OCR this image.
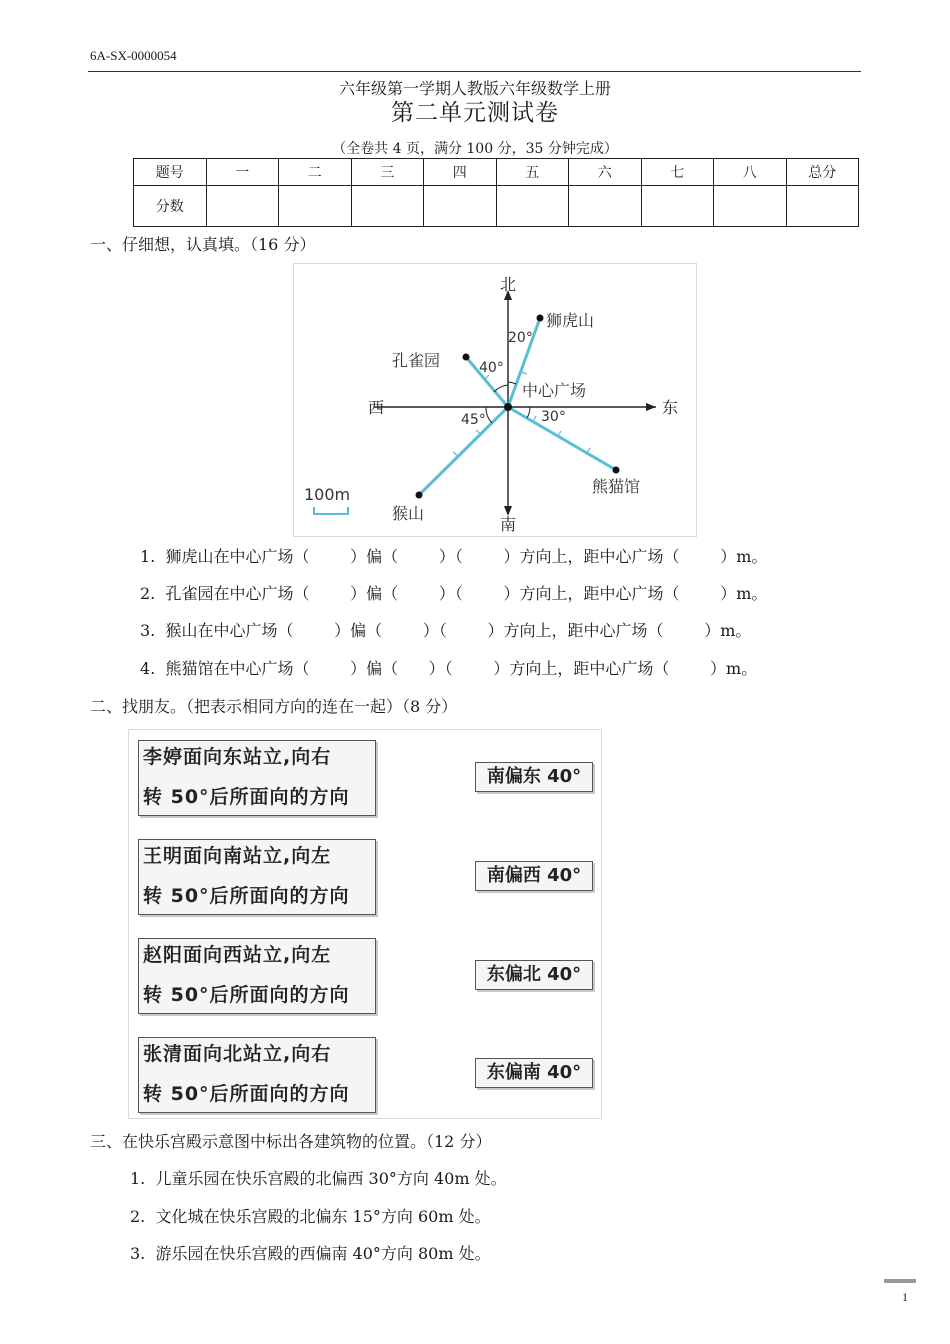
6A-SX-0000054
六年级第一学期人教版六年级数学上册
第二单元测试卷
（全卷共 4 页，满分 100 分，35 分钟完成）
题号	一	二	三	四	五	六	七	八	总分
分数									
一、仔细想，认真填。（16 分）
北
南
西	东
狮虎山
孔雀园
中心广场
猴山
熊猫馆
20°
40°
45°	30°
100m
1.  狮虎山在中心广场（        ）偏（        ）（        ）方向上，距中心广场（        ）m。
2.  孔雀园在中心广场（        ）偏（        ）（        ）方向上，距中心广场（        ）m。
3.  猴山在中心广场（        ）偏（        ）（        ）方向上，距中心广场（        ）m。
4.  熊猫馆在中心广场（        ）偏（      ）（        ）方向上，距中心广场（        ）m。
二、找朋友。（把表示相同方向的连在一起）（8 分）
李婷面向东站立,向右
转 50°后所面向的方向
王明面向南站立,向左
转 50°后所面向的方向
赵阳面向西站立,向左
转 50°后所面向的方向
张清面向北站立,向右
转 50°后所面向的方向
南偏东 40°
南偏西 40°
东偏北 40°
东偏南 40°
三、在快乐宫殿示意图中标出各建筑物的位置。（12 分）
1.  儿童乐园在快乐宫殿的北偏西 30°方向 40m 处。
2.  文化城在快乐宫殿的北偏东 15°方向 60m 处。
3.  游乐园在快乐宫殿的西偏南 40°方向 80m 处。
1
